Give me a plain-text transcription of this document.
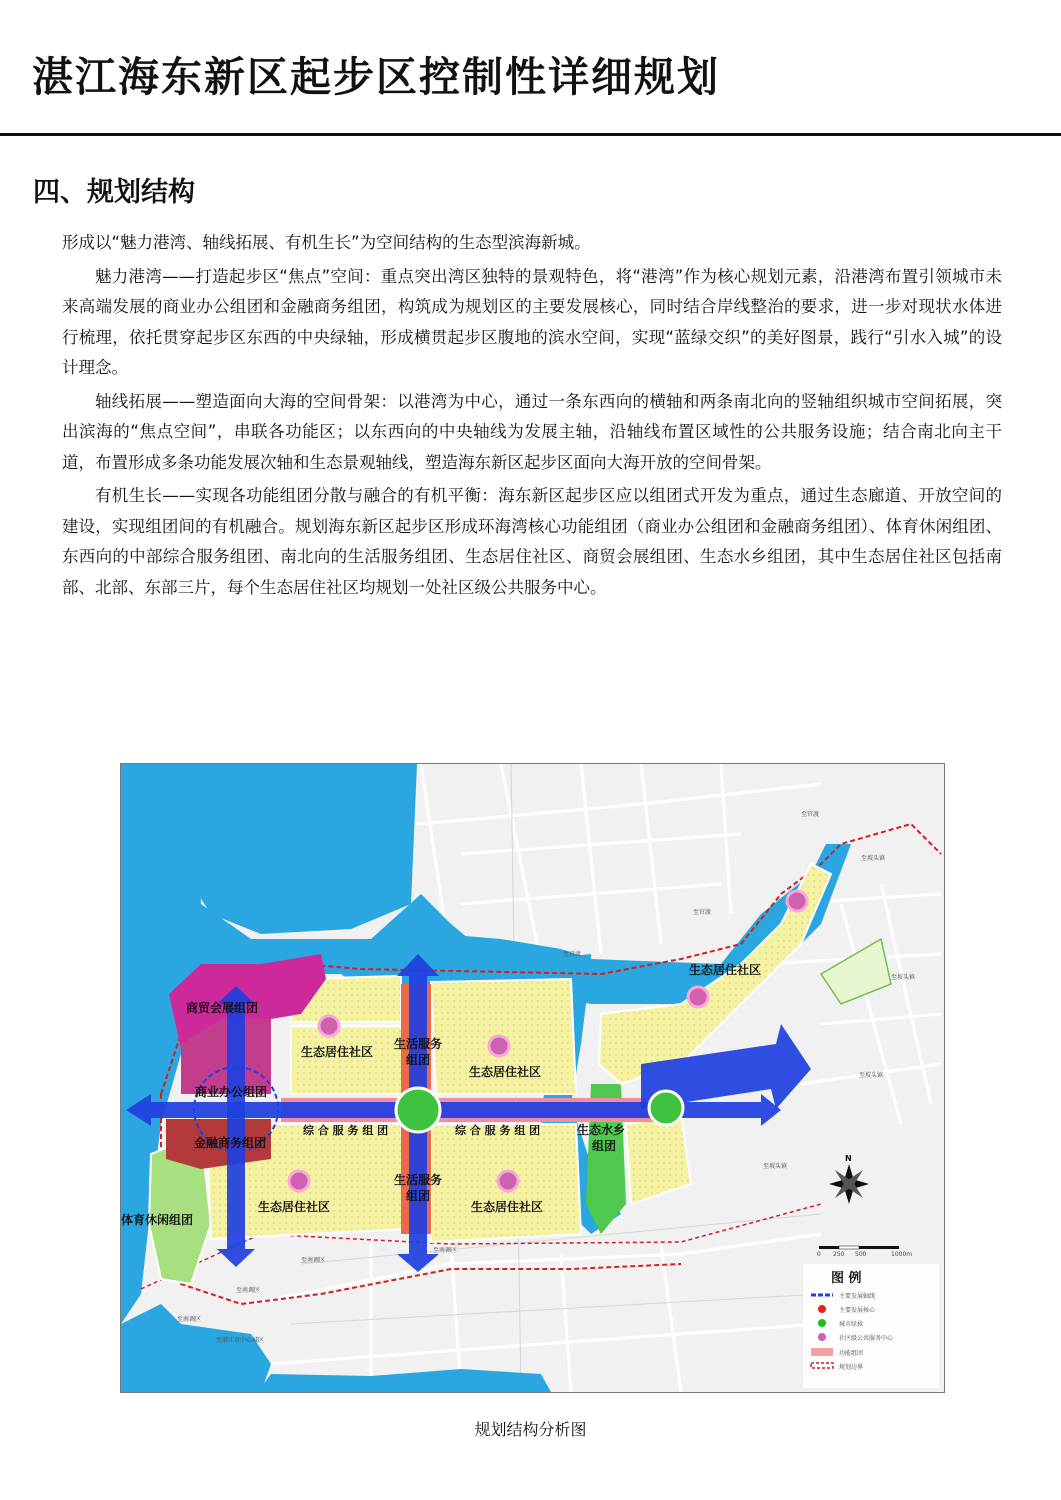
湛江海东新区起步区控制性详细规划
四、规划结构

形成以“魅力港湾、轴线拓展、有机生长”为空间结构的生态型滨海新城。

魅力港湾——打造起步区“焦点”空间：重点突出湾区独特的景观特色，将“港湾”作为核心规划元素，沿港湾布置引领城市未来高端发展的商业办公组团和金融商务组团，构筑成为规划区的主要发展核心，同时结合岸线整治的要求，进一步对现状水体进行梳理，依托贯穿起步区东西的中央绿轴，形成横贯起步区腹地的滨水空间，实现“蓝绿交织”的美好图景，践行“引水入城”的设计理念。

轴线拓展——塑造面向大海的空间骨架：以港湾为中心，通过一条东西向的横轴和两条南北向的竖轴组织城市空间拓展，突出滨海的“焦点空间”，串联各功能区；以东西向的中央轴线为发展主轴，沿轴线布置区域性的公共服务设施；结合南北向主干道，布置形成多条功能发展次轴和生态景观轴线，塑造海东新区起步区面向大海开放的空间骨架。

有机生长——实现各功能组团分散与融合的有机平衡：海东新区起步区应以组团式开发为重点，通过生态廊道、开放空间的建设，实现组团间的有机融合。规划海东新区起步区形成环海湾核心功能组团（商业办公组团和金融商务组团）、体育休闲组团、东西向的中部综合服务组团、南北向的生活服务组团、生态居住社区、商贸会展组团、生态水乡组团，其中生态居住社区包括南部、北部、东部三片，每个生态居住社区均规划一处社区级公共服务中心。

商贸会展组团
商业办公组团
金融商务组团
体育休闲组团
生态居住社区
生态居住社区
生态居住社区	生态居住社区
生态居住社区
生活服务
组团
生活服务
组团
综 合 服 务 组 团	综 合 服 务 组 团	生态水乡
组团
至官渡
至官渡
至官渡
至坡头镇
至坡头镇
至坡头镇
至坡头镇
至南调区
至南调区
至南调区
至南调区
至湛江市中心城区
N
0 250 500	1000m
图 例
主要发展轴线
主要发展核心
城市绿核
社区级公共服务中心
功能组团
规划边界
规划结构分析图
